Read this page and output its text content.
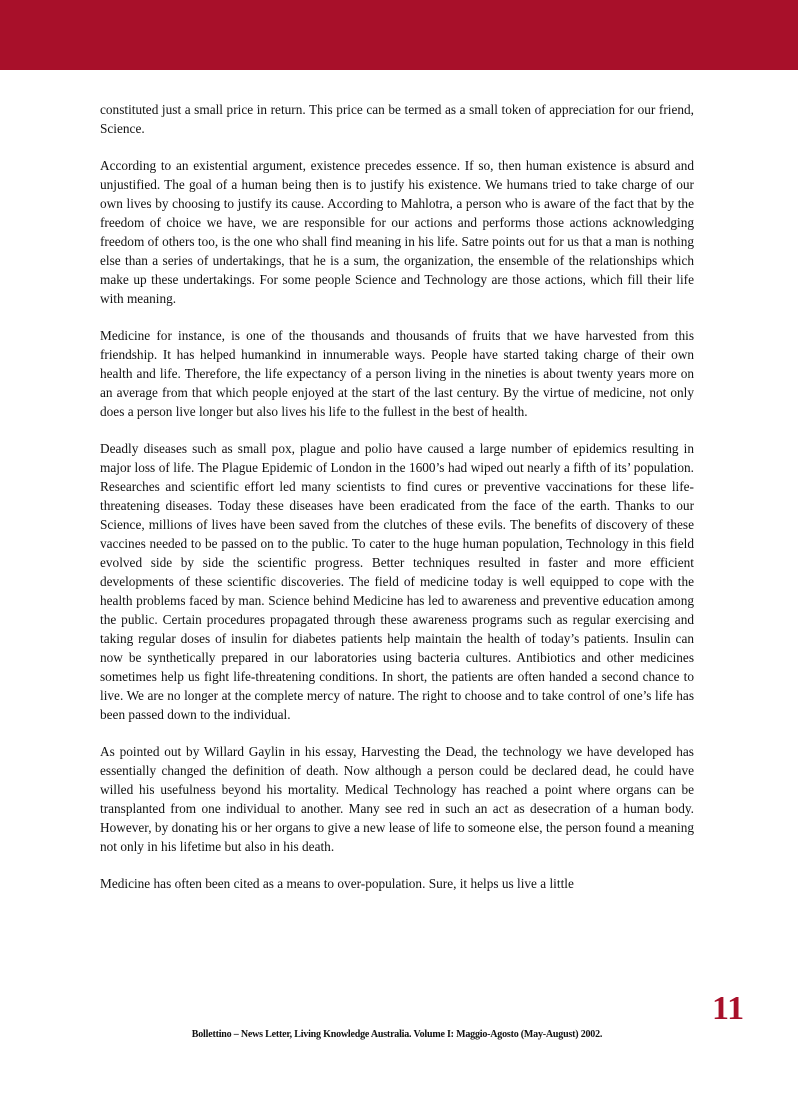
constituted just a small price in return. This price can be termed as a small token of appreciation for our friend, Science.

According to an existential argument, existence precedes essence. If so, then human existence is absurd and unjustified. The goal of a human being then is to justify his existence. We humans tried to take charge of our own lives by choosing to justify its cause. According to Mahlotra, a person who is aware of the fact that by the freedom of choice we have, we are responsible for our actions and performs those actions acknowledging freedom of others too, is the one who shall find meaning in his life. Satre points out for us that a man is nothing else than a series of undertakings, that he is a sum, the organization, the ensemble of the relationships which make up these undertakings. For some people Science and Technology are those actions, which fill their life with meaning.

Medicine for instance, is one of the thousands and thousands of fruits that we have harvested from this friendship. It has helped humankind in innumerable ways. People have started taking charge of their own health and life. Therefore, the life expectancy of a person living in the nineties is about twenty years more on an average from that which people enjoyed at the start of the last century. By the virtue of medicine, not only does a person live longer but also lives his life to the fullest in the best of health.

Deadly diseases such as small pox, plague and polio have caused a large number of epidemics resulting in major loss of life. The Plague Epidemic of London in the 1600’s had wiped out nearly a fifth of its’ population. Researches and scientific effort led many scientists to find cures or preventive vaccinations for these life-threatening diseases. Today these diseases have been eradicated from the face of the earth. Thanks to our Science, millions of lives have been saved from the clutches of these evils. The benefits of discovery of these vaccines needed to be passed on to the public. To cater to the huge human population, Technology in this field evolved side by side the scientific progress. Better techniques resulted in faster and more efficient developments of these scientific discoveries. The field of medicine today is well equipped to cope with the health problems faced by man. Science behind Medicine has led to awareness and preventive education among the public. Certain procedures propagated through these awareness programs such as regular exercising and taking regular doses of insulin for diabetes patients help maintain the health of today’s patients. Insulin can now be synthetically prepared in our laboratories using bacteria cultures. Antibiotics and other medicines sometimes help us fight life-threatening conditions. In short, the patients are often handed a second chance to live. We are no longer at the complete mercy of nature. The right to choose and to take control of one’s life has been passed down to the individual.

As pointed out by Willard Gaylin in his essay, Harvesting the Dead, the technology we have developed has essentially changed the definition of death. Now although a person could be declared dead, he could have willed his usefulness beyond his mortality. Medical Technology has reached a point where organs can be transplanted from one individual to another. Many see red in such an act as desecration of a human body. However, by donating his or her organs to give a new lease of life to someone else, the person found a meaning not only in his lifetime but also in his death.

Medicine has often been cited as a means to over-population. Sure, it helps us live a little

11
Bollettino – News Letter, Living Knowledge Australia. Volume I: Maggio-Agosto (May-August) 2002.
